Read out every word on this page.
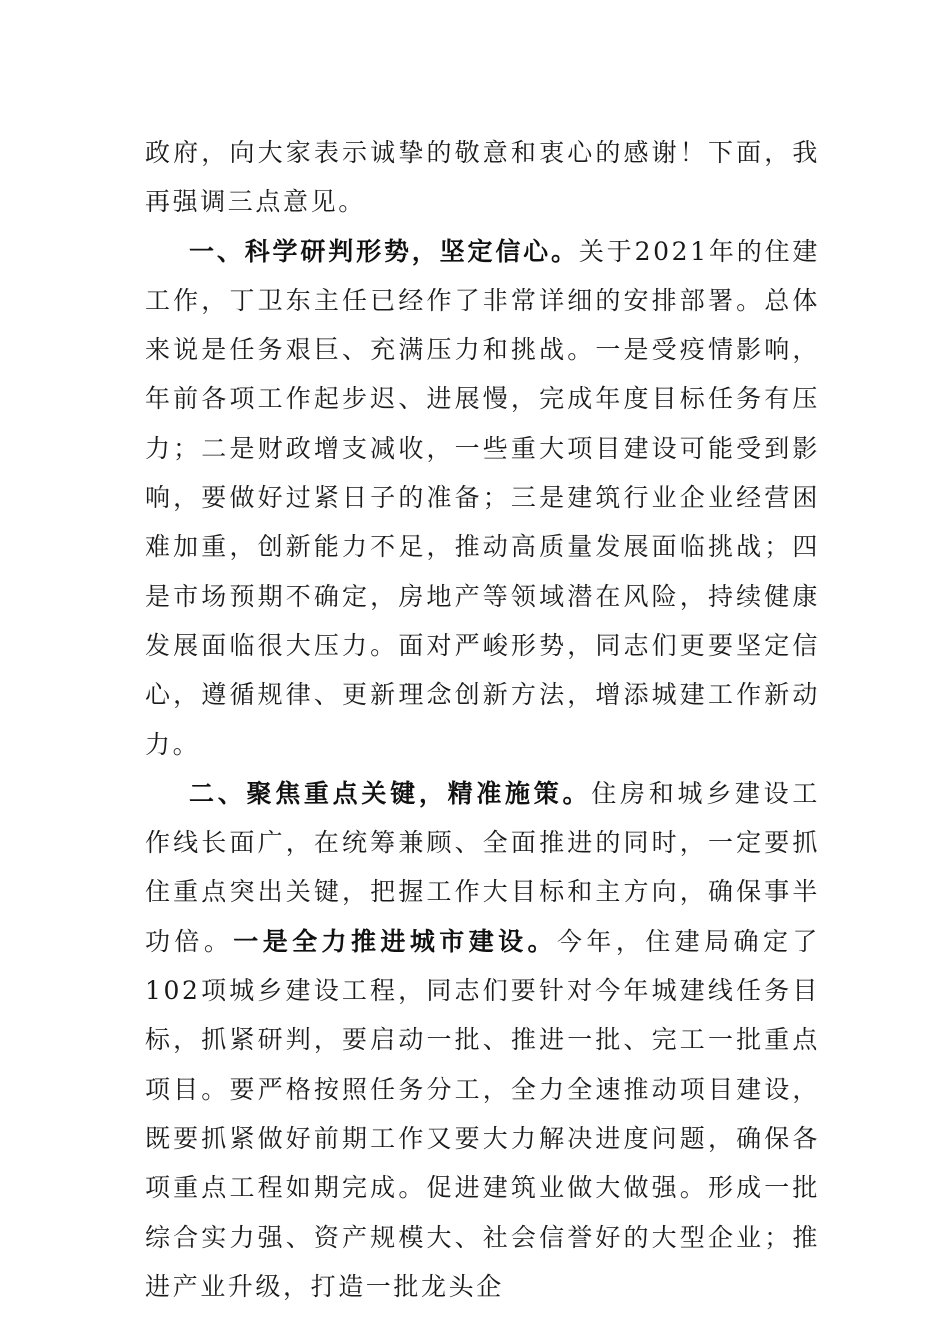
政府，向大家表示诚挚的敬意和衷心的感谢！下面，我再强调三点意见。

一、科学研判形势，坚定信心。关于2021年的住建工作，丁卫东主任已经作了非常详细的安排部署。总体来说是任务艰巨、充满压力和挑战。一是受疫情影响，年前各项工作起步迟、进展慢，完成年度目标任务有压力；二是财政增支减收，一些重大项目建设可能受到影响，要做好过紧日子的准备；三是建筑行业企业经营困难加重，创新能力不足，推动高质量发展面临挑战；四是市场预期不确定，房地产等领域潜在风险，持续健康发展面临很大压力。面对严峻形势，同志们更要坚定信心，遵循规律、更新理念创新方法，增添城建工作新动力。

二、聚焦重点关键，精准施策。住房和城乡建设工作线长面广，在统筹兼顾、全面推进的同时，一定要抓住重点突出关键，把握工作大目标和主方向，确保事半功倍。一是全力推进城市建设。今年，住建局确定了102项城乡建设工程，同志们要针对今年城建线任务目标，抓紧研判，要启动一批、推进一批、完工一批重点项目。要严格按照任务分工，全力全速推动项目建设，既要抓紧做好前期工作又要大力解决进度问题，确保各项重点工程如期完成。促进建筑业做大做强。形成一批综合实力强、资产规模大、社会信誉好的大型企业；推进产业升级，打造一批龙头企
